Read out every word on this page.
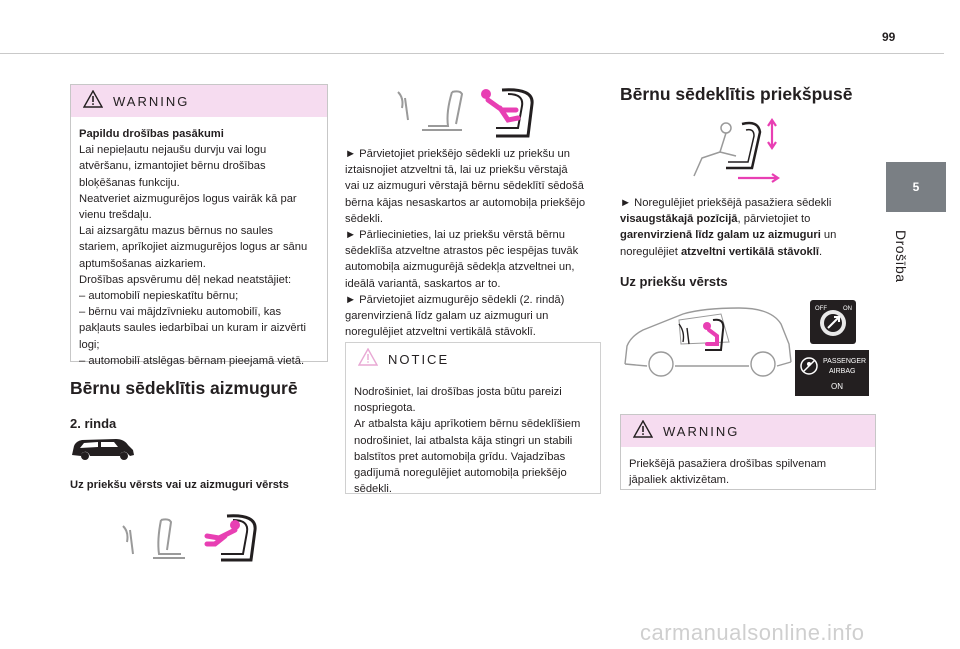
99
5
Drošība
WARNING
Papildu drošības pasākumi
Lai nepieļautu nejaušu durvju vai logu
atvēršanu, izmantojiet bērnu drošības
bloķēšanas funkciju.
Neatveriet aizmugurējos logus vairāk kā par
vienu trešdaļu.
Lai aizsargātu mazus bērnus no saules
stariem, aprīkojiet aizmugurējos logus ar sānu
aptumšošanas aizkariem.
Drošības apsvērumu dēļ nekad neatstājiet:
– automobilī nepieskatītu bērnu;
– bērnu vai mājdzīvnieku automobilī, kas
pakļauts saules iedarbībai un kuram ir aizvērti
logi;
– automobilī atslēgas bērnam pieejamā vietā.
Bērnu sēdeklītis aizmugurē
2. rinda
Uz priekšu vērsts vai uz aizmuguri vērsts
► Pārvietojiet priekšējo sēdekli uz priekšu un
iztaisnojiet atzveltni tā, lai uz priekšu vērstajā
vai uz aizmuguri vērstajā bērnu sēdeklītī sēdošā
bērna kājas nesaskartos ar automobiļa priekšējo
sēdekli.
► Pārliecinieties, lai uz priekšu vērstā bērnu
sēdeklīša atzveltne atrastos pēc iespējas tuvāk
automobiļa aizmugurējā sēdekļa atzveltnei un,
ideālā variantā, saskartos ar to.
► Pārvietojiet aizmugurējo sēdekli (2. rindā)
garenvirzienā līdz galam uz aizmuguri un
noregulējiet atzveltni vertikālā stāvoklī.
NOTICE
Nodrošiniet, lai drošības josta būtu pareizi
nospriegota.
Ar atbalsta kāju aprīkotiem bērnu sēdeklīšiem
nodrošiniet, lai atbalsta kāja stingri un stabili
balstītos pret automobiļa grīdu. Vajadzības
gadījumā noregulējiet automobiļa priekšējo
sēdekli.
Bērnu sēdeklītis priekšpusē
► Noregulējiet priekšējā pasažiera sēdekli
visaugstākajā pozīcijā, pārvietojiet to
garenvirzienā līdz galam uz aizmuguri un
noregulējiet atzveltni vertikālā stāvoklī.
Uz priekšu vērsts
OFF	ON
PASSENGER
AIRBAG
ON
WARNING
Priekšējā pasažiera drošības spilvenam
jāpaliek aktivizētam.
carmanualsonline.info
